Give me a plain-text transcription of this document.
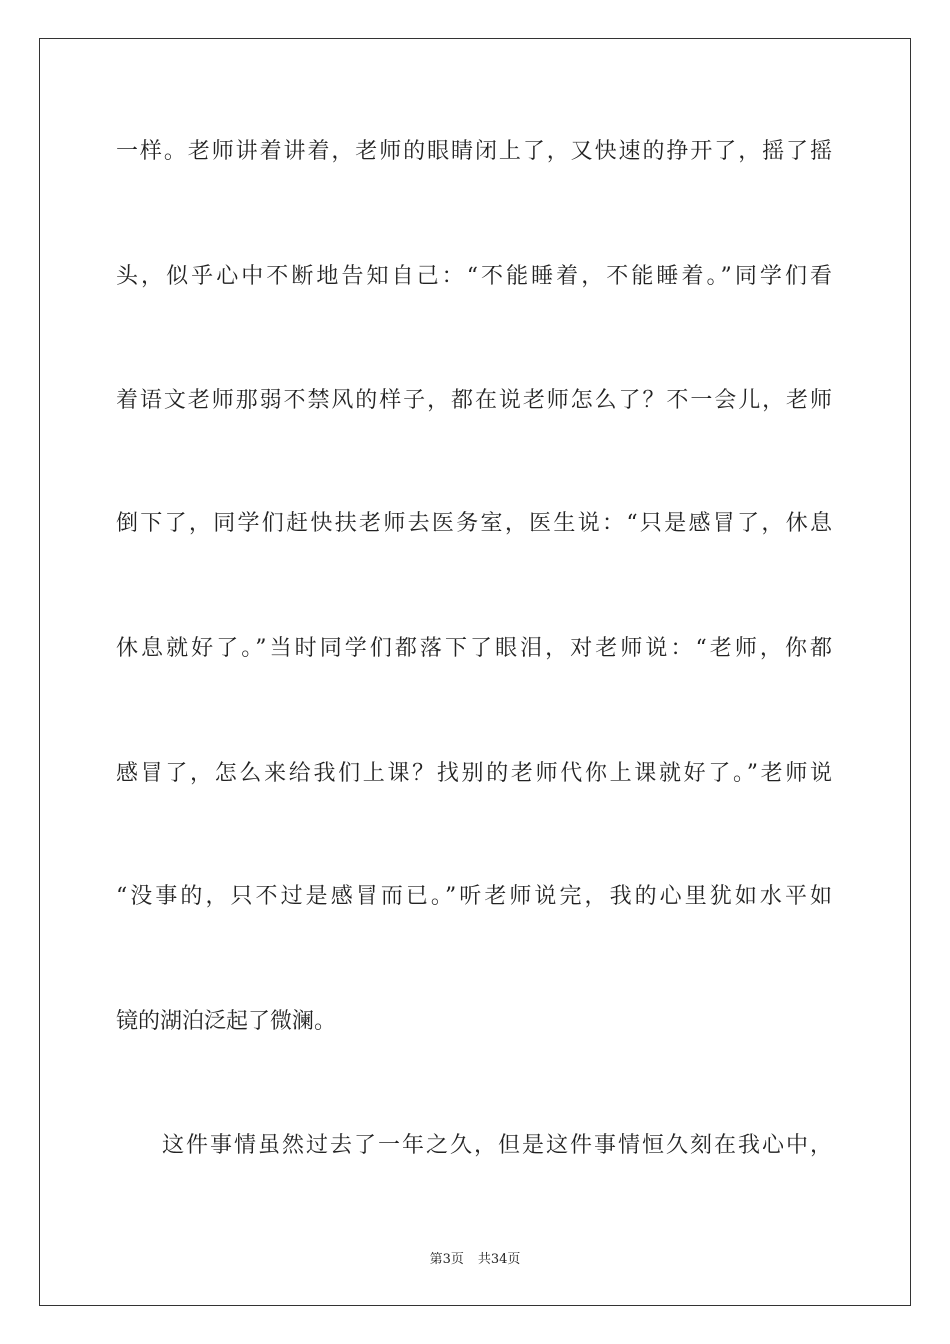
一样。老师讲着讲着，老师的眼睛闭上了，又快速的挣开了，摇了摇
头，似乎心中不断地告知自己：“不能睡着，不能睡着。”同学们看
着语文老师那弱不禁风的样子，都在说老师怎么了？不一会儿，老师
倒下了，同学们赶快扶老师去医务室，医生说：“只是感冒了，休息
休息就好了。”当时同学们都落下了眼泪，对老师说：“老师，你都
感冒了，怎么来给我们上课？找别的老师代你上课就好了。”老师说
“没事的，只不过是感冒而已。”听老师说完，我的心里犹如水平如
镜的湖泊泛起了微澜。
这件事情虽然过去了一年之久，但是这件事情恒久刻在我心中，
第3页 共34页
